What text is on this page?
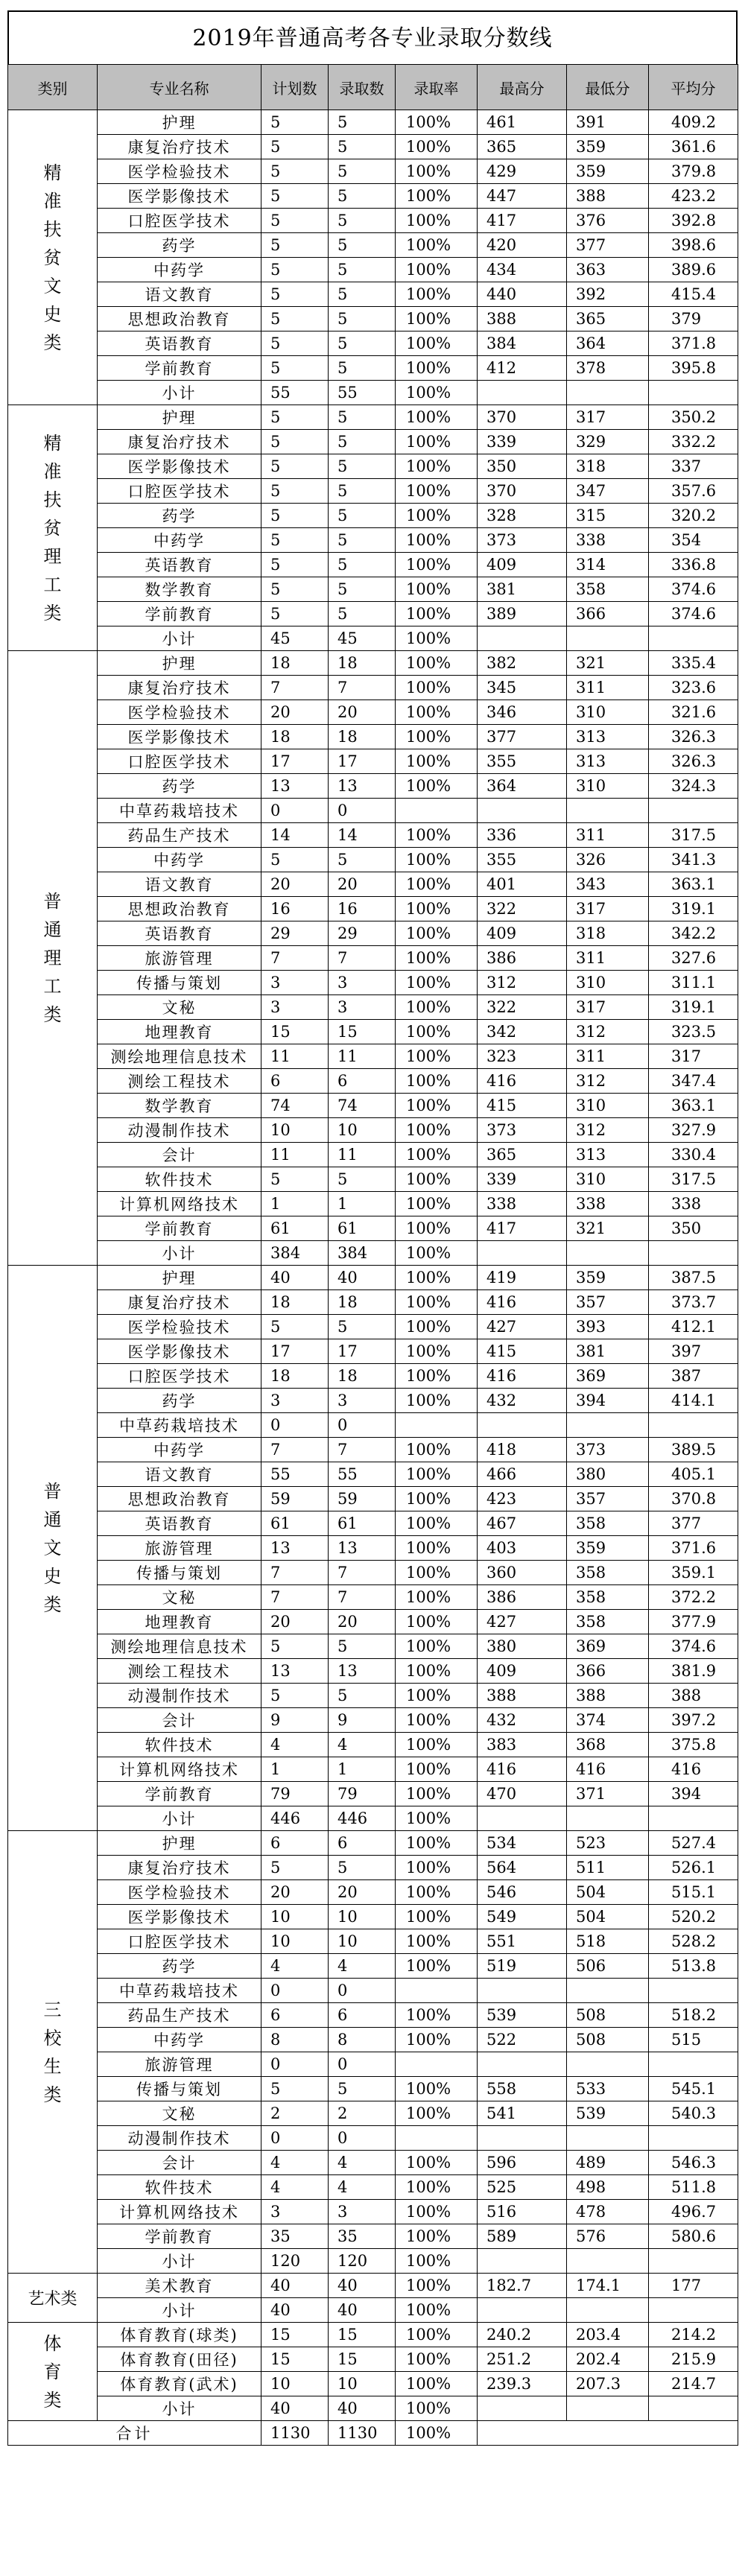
2019年普通高考各专业录取分数线
类别	专业名称	计划数	录取数	录取率	最高分	最低分	平均分
精准扶贫文史类	护理	5	5	100%	461	391	409.2
	康复治疗技术	5	5	100%	365	359	361.6
	医学检验技术	5	5	100%	429	359	379.8
	医学影像技术	5	5	100%	447	388	423.2
	口腔医学技术	5	5	100%	417	376	392.8
	药学	5	5	100%	420	377	398.6
	中药学	5	5	100%	434	363	389.6
	语文教育	5	5	100%	440	392	415.4
	思想政治教育	5	5	100%	388	365	379
	英语教育	5	5	100%	384	364	371.8
	学前教育	5	5	100%	412	378	395.8
	小计	55	55	100%			
精准扶贫理工类	护理	5	5	100%	370	317	350.2
	康复治疗技术	5	5	100%	339	329	332.2
	医学影像技术	5	5	100%	350	318	337
	口腔医学技术	5	5	100%	370	347	357.6
	药学	5	5	100%	328	315	320.2
	中药学	5	5	100%	373	338	354
	英语教育	5	5	100%	409	314	336.8
	数学教育	5	5	100%	381	358	374.6
	学前教育	5	5	100%	389	366	374.6
	小计	45	45	100%			
普通理工类	护理	18	18	100%	382	321	335.4
	康复治疗技术	7	7	100%	345	311	323.6
	医学检验技术	20	20	100%	346	310	321.6
	医学影像技术	18	18	100%	377	313	326.3
	口腔医学技术	17	17	100%	355	313	326.3
	药学	13	13	100%	364	310	324.3
	中草药栽培技术	0	0				
	药品生产技术	14	14	100%	336	311	317.5
	中药学	5	5	100%	355	326	341.3
	语文教育	20	20	100%	401	343	363.1
	思想政治教育	16	16	100%	322	317	319.1
	英语教育	29	29	100%	409	318	342.2
	旅游管理	7	7	100%	386	311	327.6
	传播与策划	3	3	100%	312	310	311.1
	文秘	3	3	100%	322	317	319.1
	地理教育	15	15	100%	342	312	323.5
	测绘地理信息技术	11	11	100%	323	311	317
	测绘工程技术	6	6	100%	416	312	347.4
	数学教育	74	74	100%	415	310	363.1
	动漫制作技术	10	10	100%	373	312	327.9
	会计	11	11	100%	365	313	330.4
	软件技术	5	5	100%	339	310	317.5
	计算机网络技术	1	1	100%	338	338	338
	学前教育	61	61	100%	417	321	350
	小计	384	384	100%			
普通文史类	护理	40	40	100%	419	359	387.5
	康复治疗技术	18	18	100%	416	357	373.7
	医学检验技术	5	5	100%	427	393	412.1
	医学影像技术	17	17	100%	415	381	397
	口腔医学技术	18	18	100%	416	369	387
	药学	3	3	100%	432	394	414.1
	中草药栽培技术	0	0				
	中药学	7	7	100%	418	373	389.5
	语文教育	55	55	100%	466	380	405.1
	思想政治教育	59	59	100%	423	357	370.8
	英语教育	61	61	100%	467	358	377
	旅游管理	13	13	100%	403	359	371.6
	传播与策划	7	7	100%	360	358	359.1
	文秘	7	7	100%	386	358	372.2
	地理教育	20	20	100%	427	358	377.9
	测绘地理信息技术	5	5	100%	380	369	374.6
	测绘工程技术	13	13	100%	409	366	381.9
	动漫制作技术	5	5	100%	388	388	388
	会计	9	9	100%	432	374	397.2
	软件技术	4	4	100%	383	368	375.8
	计算机网络技术	1	1	100%	416	416	416
	学前教育	79	79	100%	470	371	394
	小计	446	446	100%			
三校生类	护理	6	6	100%	534	523	527.4
	康复治疗技术	5	5	100%	564	511	526.1
	医学检验技术	20	20	100%	546	504	515.1
	医学影像技术	10	10	100%	549	504	520.2
	口腔医学技术	10	10	100%	551	518	528.2
	药学	4	4	100%	519	506	513.8
	中草药栽培技术	0	0				
	药品生产技术	6	6	100%	539	508	518.2
	中药学	8	8	100%	522	508	515
	旅游管理	0	0				
	传播与策划	5	5	100%	558	533	545.1
	文秘	2	2	100%	541	539	540.3
	动漫制作技术	0	0				
	会计	4	4	100%	596	489	546.3
	软件技术	4	4	100%	525	498	511.8
	计算机网络技术	3	3	100%	516	478	496.7
	学前教育	35	35	100%	589	576	580.6
	小计	120	120	100%			
艺术类	美术教育	40	40	100%	182.7	174.1	177
	小计	40	40	100%			
体育类	体育教育(球类)	15	15	100%	240.2	203.4	214.2
	体育教育(田径)	15	15	100%	251.2	202.4	215.9
	体育教育(武术)	10	10	100%	239.3	207.3	214.7
	小计	40	40	100%			
合计		1130	1130	100%			
